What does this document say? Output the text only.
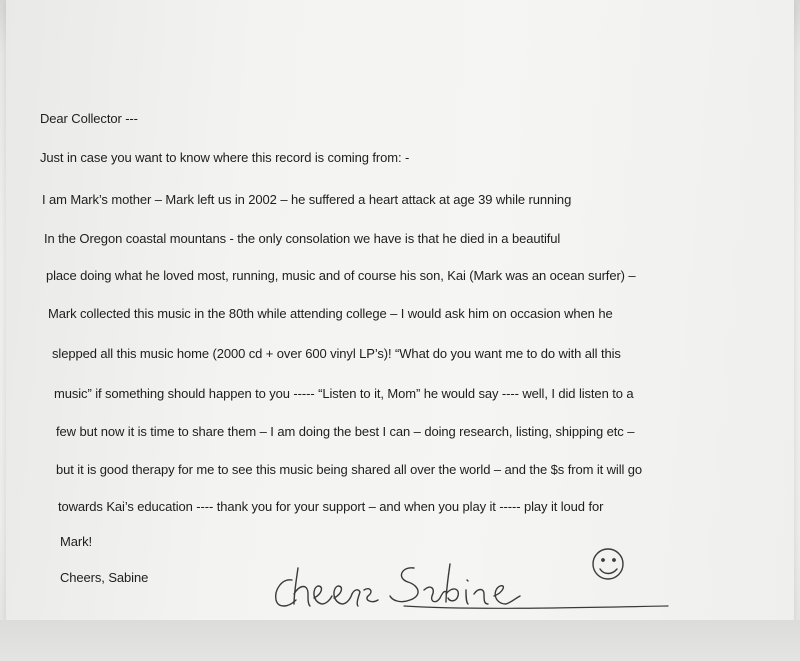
Dear Collector ---
Just in case you want to know where this record is coming from: -
I am Mark’s mother – Mark left us in 2002 – he suffered a heart attack at age 39 while running
In the Oregon coastal mountans - the only consolation we have is that he died in a beautiful
place doing what he loved most, running, music and of course his son, Kai (Mark was an ocean surfer) –
Mark collected this music in the 80th while attending college – I would ask him on occasion when he
slepped all this music home (2000 cd + over 600 vinyl LP’s)! “What do you want me to do with all this
music” if something should happen to you ----- “Listen to it, Mom” he would say ---- well, I did listen to a
few but now it is time to share them – I am doing the best I can – doing research, listing, shipping etc –
but it is good therapy for me to see this music being shared all over the world – and the $s from it will go
towards Kai’s education ---- thank you for your support – and when you play it ----- play it loud for
Mark!
Cheers, Sabine
